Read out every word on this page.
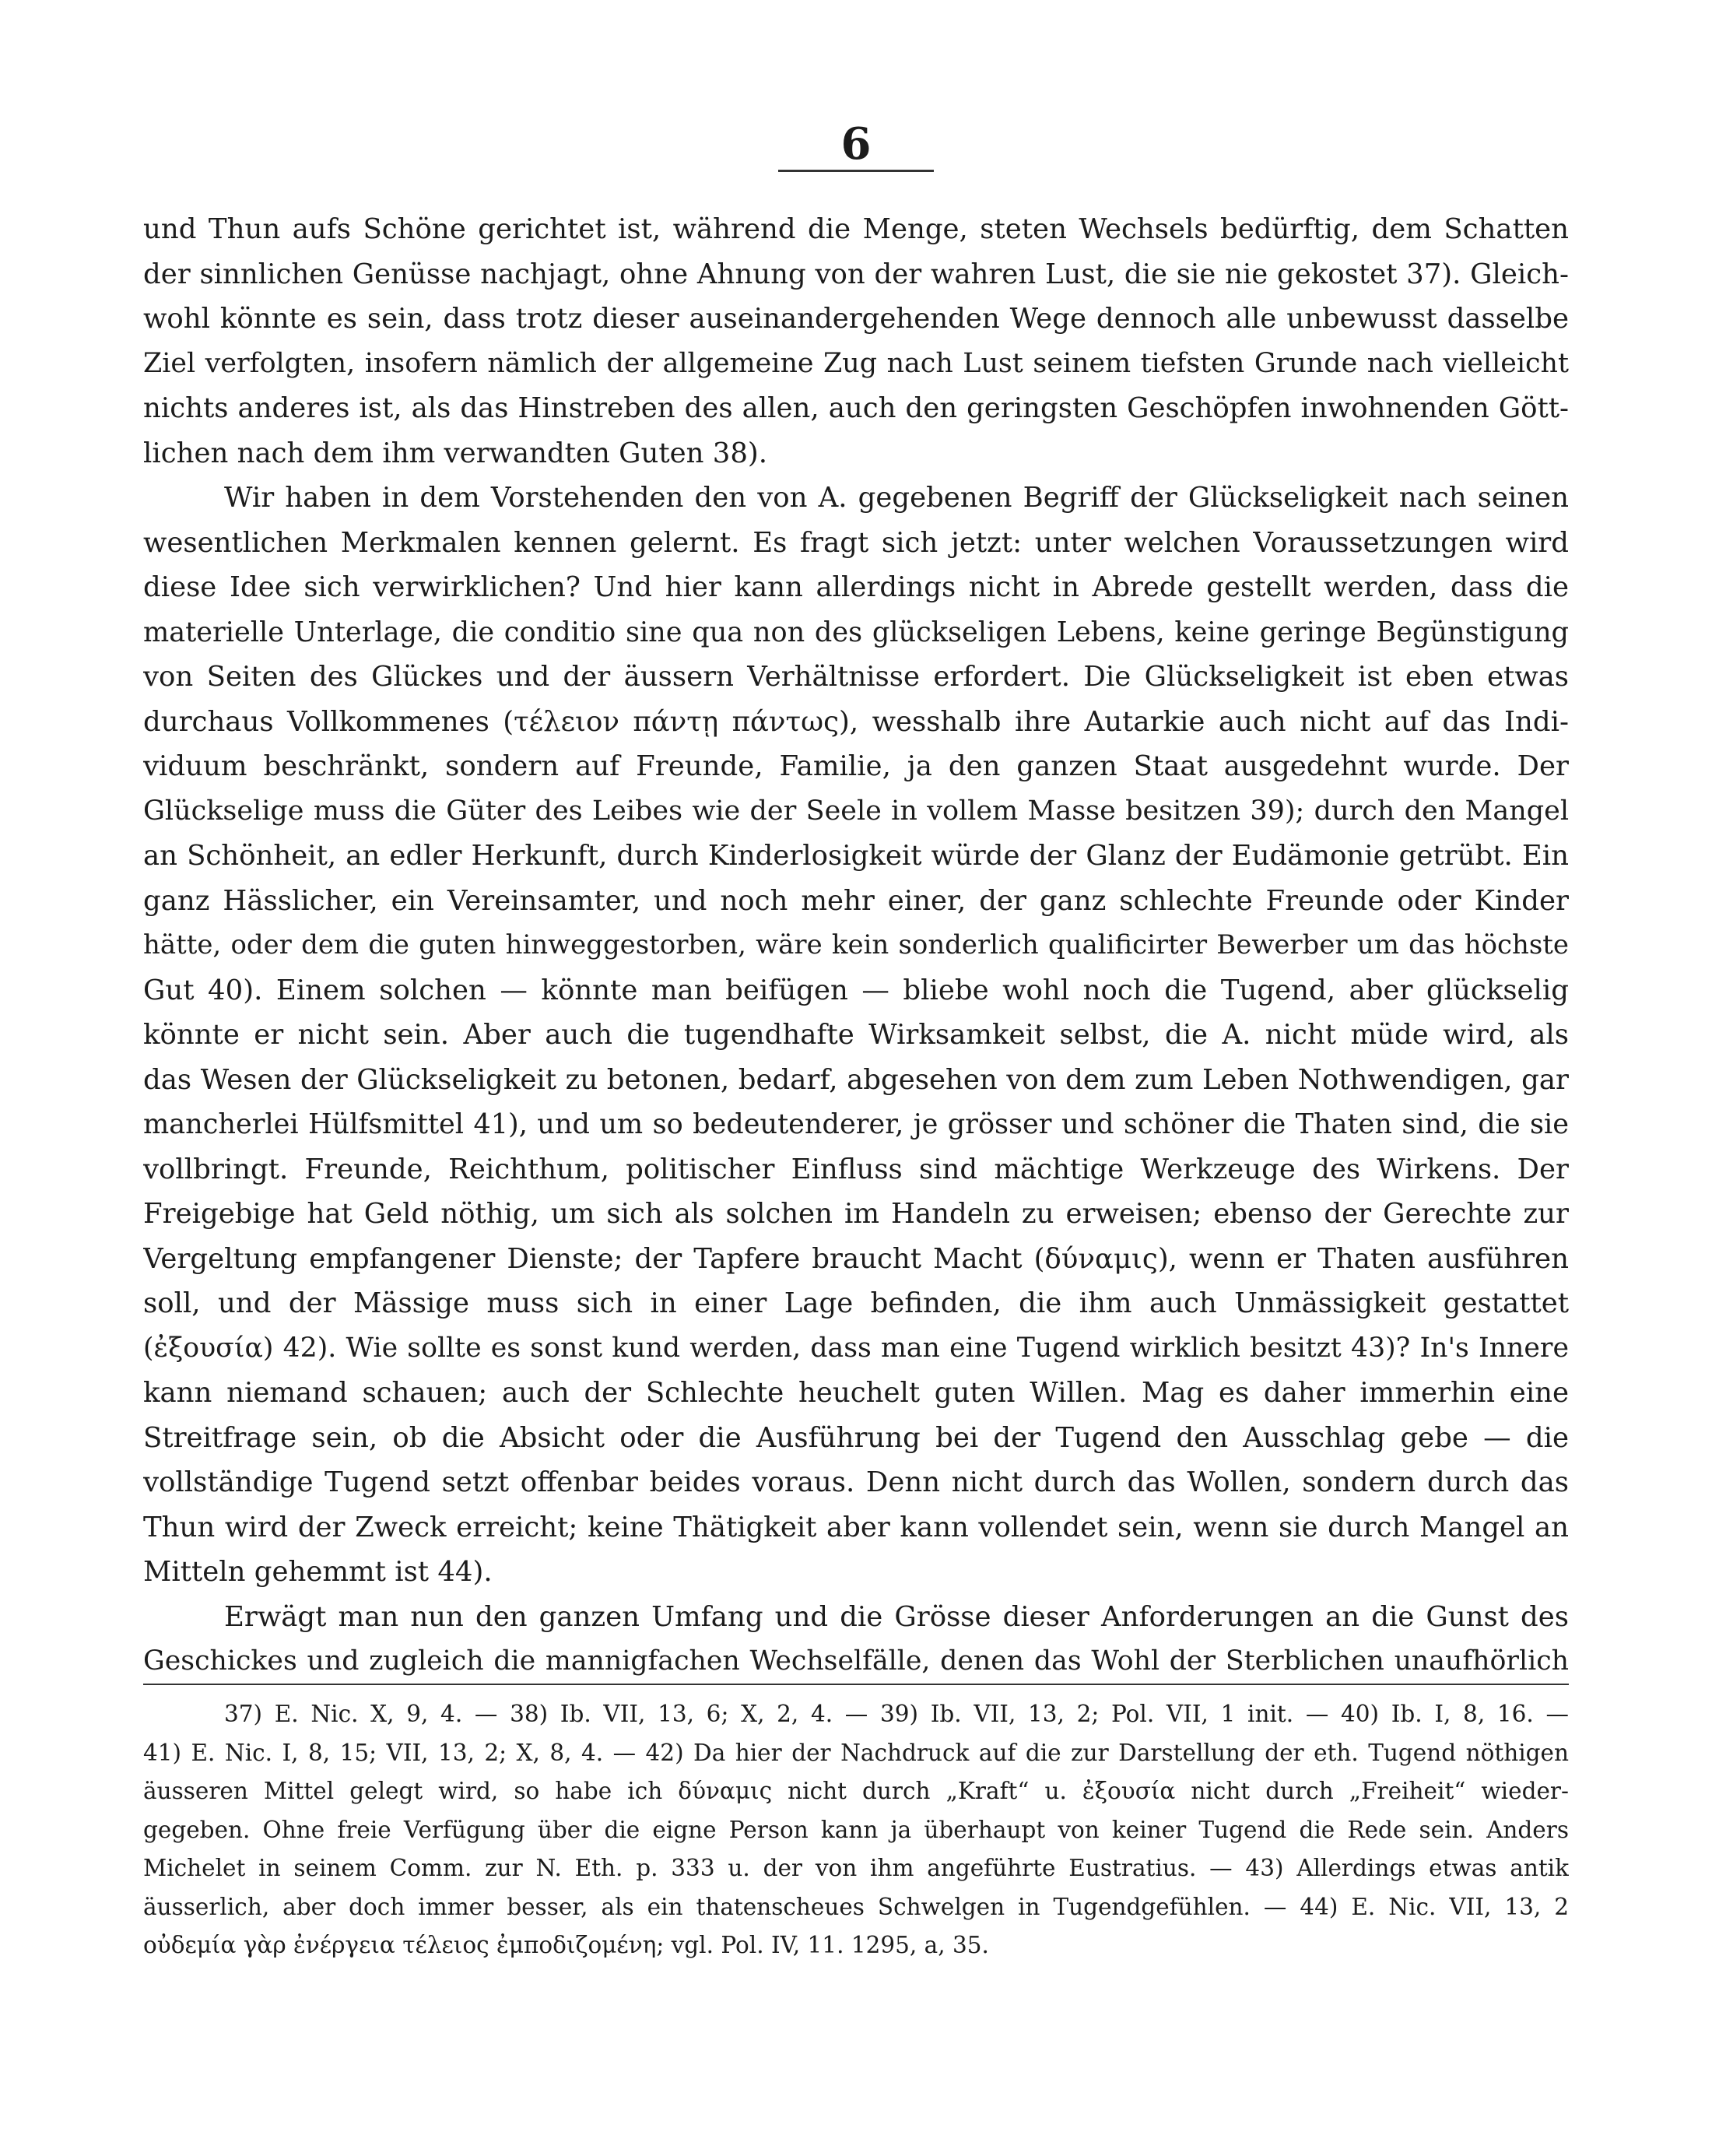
6
und Thun aufs Schöne gerichtet ist, während die Menge, steten Wechsels bedürftig, dem Schatten
der sinnlichen Genüsse nachjagt, ohne Ahnung von der wahren Lust, die sie nie gekostet 37). Gleich-
wohl könnte es sein, dass trotz dieser auseinandergehenden Wege dennoch alle unbewusst dasselbe
Ziel verfolgten, insofern nämlich der allgemeine Zug nach Lust seinem tiefsten Grunde nach vielleicht
nichts anderes ist, als das Hinstreben des allen, auch den geringsten Geschöpfen inwohnenden Gött-
lichen nach dem ihm verwandten Guten 38).
Wir haben in dem Vorstehenden den von A. gegebenen Begriff der Glückseligkeit nach seinen
wesentlichen Merkmalen kennen gelernt. Es fragt sich jetzt: unter welchen Voraussetzungen wird
diese Idee sich verwirklichen? Und hier kann allerdings nicht in Abrede gestellt werden, dass die
materielle Unterlage, die conditio sine qua non des glückseligen Lebens, keine geringe Begünstigung
von Seiten des Glückes und der äussern Verhältnisse erfordert. Die Glückseligkeit ist eben etwas
durchaus Vollkommenes (τέλειον πάντῃ πάντως), wesshalb ihre Autarkie auch nicht auf das Indi-
viduum beschränkt, sondern auf Freunde, Familie, ja den ganzen Staat ausgedehnt wurde. Der
Glückselige muss die Güter des Leibes wie der Seele in vollem Masse besitzen 39); durch den Mangel
an Schönheit, an edler Herkunft, durch Kinderlosigkeit würde der Glanz der Eudämonie getrübt. Ein
ganz Hässlicher, ein Vereinsamter, und noch mehr einer, der ganz schlechte Freunde oder Kinder
hätte, oder dem die guten hinweggestorben, wäre kein sonderlich qualificirter Bewerber um das höchste
Gut 40). Einem solchen — könnte man beifügen — bliebe wohl noch die Tugend, aber glückselig
könnte er nicht sein. Aber auch die tugendhafte Wirksamkeit selbst, die A. nicht müde wird, als
das Wesen der Glückseligkeit zu betonen, bedarf, abgesehen von dem zum Leben Nothwendigen, gar
mancherlei Hülfsmittel 41), und um so bedeutenderer, je grösser und schöner die Thaten sind, die sie
vollbringt. Freunde, Reichthum, politischer Einfluss sind mächtige Werkzeuge des Wirkens. Der
Freigebige hat Geld nöthig, um sich als solchen im Handeln zu erweisen; ebenso der Gerechte zur
Vergeltung empfangener Dienste; der Tapfere braucht Macht (δύναμις), wenn er Thaten ausführen
soll, und der Mässige muss sich in einer Lage befinden, die ihm auch Unmässigkeit gestattet
(ἐξουσία) 42). Wie sollte es sonst kund werden, dass man eine Tugend wirklich besitzt 43)? In's Innere
kann niemand schauen; auch der Schlechte heuchelt guten Willen. Mag es daher immerhin eine
Streitfrage sein, ob die Absicht oder die Ausführung bei der Tugend den Ausschlag gebe — die
vollständige Tugend setzt offenbar beides voraus. Denn nicht durch das Wollen, sondern durch das
Thun wird der Zweck erreicht; keine Thätigkeit aber kann vollendet sein, wenn sie durch Mangel an
Mitteln gehemmt ist 44).
Erwägt man nun den ganzen Umfang und die Grösse dieser Anforderungen an die Gunst des
Geschickes und zugleich die mannigfachen Wechselfälle, denen das Wohl der Sterblichen unaufhörlich
37) E. Nic. X, 9, 4. — 38) Ib. VII, 13, 6; X, 2, 4. — 39) Ib. VII, 13, 2; Pol. VII, 1 init. — 40) Ib. I, 8, 16. —
41) E. Nic. I, 8, 15; VII, 13, 2; X, 8, 4. — 42) Da hier der Nachdruck auf die zur Darstellung der eth. Tugend nöthigen
äusseren Mittel gelegt wird, so habe ich δύναμις nicht durch „Kraft“ u. ἐξουσία nicht durch „Freiheit“ wieder-
gegeben. Ohne freie Verfügung über die eigne Person kann ja überhaupt von keiner Tugend die Rede sein. Anders
Michelet in seinem Comm. zur N. Eth. p. 333 u. der von ihm angeführte Eustratius. — 43) Allerdings etwas antik
äusserlich, aber doch immer besser, als ein thatenscheues Schwelgen in Tugendgefühlen. — 44) E. Nic. VII, 13, 2
οὐδεμία γὰρ ἐνέργεια τέλειος ἐμποδιζομένη; vgl. Pol. IV, 11. 1295, a, 35.
